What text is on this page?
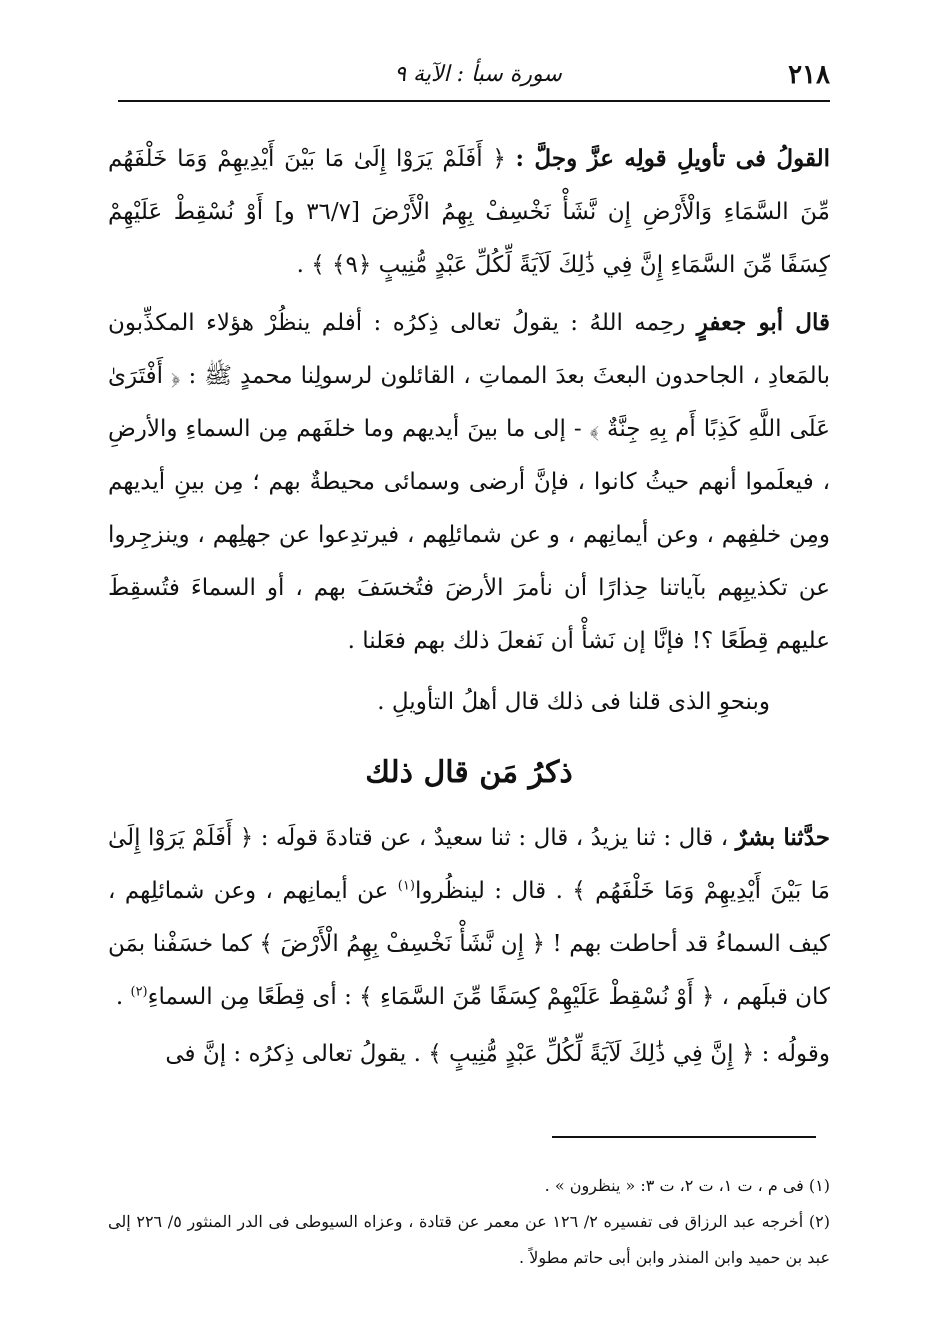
٢١٨
سورة سبأ : الآية ٩

القولُ فى تأويلِ قولِه عزَّ وجلَّ : ﴿ أَفَلَمْ يَرَوْا إِلَىٰ مَا بَيْنَ أَيْدِيهِمْ وَمَا خَلْفَهُم مِّنَ السَّمَاءِ وَالْأَرْضِ إِن نَّشَأْ نَخْسِفْ بِهِمُ الْأَرْضَ [٣٦/٧ و] أَوْ نُسْقِطْ عَلَيْهِمْ كِسَفًا مِّنَ السَّمَاءِ إِنَّ فِي ذَٰلِكَ لَآيَةً لِّكُلِّ عَبْدٍ مُّنِيبٍ ﴿٩﴾ ﴾ .

قال أبو جعفرٍ رحِمه اللهُ : يقولُ تعالى ذِكرُه : أفلم ينظُرْ هؤلاء المكذِّبون بالمَعادِ ، الجاحدون البعثَ بعدَ المماتِ ، القائلون لرسولِنا محمدٍ ﷺ : ﴿ أَفْتَرَىٰ عَلَى اللَّهِ كَذِبًا أَم بِهِ جِنَّةٌ ﴾ - إلى ما بينَ أيديهم وما خلفَهم مِن السماءِ والأرضِ ، فيعلَموا أنهم حيثُ كانوا ، فإنَّ أرضى وسمائى محيطةٌ بهم ؛ مِن بينِ أيديهم ومِن خلفِهم ، وعن أيمانِهم ، و عن شمائلِهم ، فيرتدِعوا عن جهلِهم ، وينزجِروا عن تكذيبِهم بآياتنا حِذارًا أن نأمرَ الأرضَ فتُخسَفَ بهم ، أو السماءَ فتُسقِطَ عليهم قِطَعًا ؟! فإنَّا إن نَشأْ أن نَفعلَ ذلك بهم فعَلنا .

وبنحوِ الذى قلنا فى ذلك قال أهلُ التأويلِ .

ذكرُ مَن قال ذلك

حدَّثنا بشرٌ ، قال : ثنا يزيدُ ، قال : ثنا سعيدٌ ، عن قتادةَ قولَه : ﴿ أَفَلَمْ يَرَوْا إِلَىٰ مَا بَيْنَ أَيْدِيهِمْ وَمَا خَلْفَهُم ﴾ . قال : لينظُروا$^{(١)}$ عن أيمانِهم ، وعن شمائلِهم ، كيف السماءُ قد أحاطت بهم ! ﴿ إِن نَّشَأْ نَخْسِفْ بِهِمُ الْأَرْضَ ﴾ كما خسَفْنا بمَن كان قبلَهم ، ﴿ أَوْ نُسْقِطْ عَلَيْهِمْ كِسَفًا مِّنَ السَّمَاءِ ﴾ : أى قِطَعًا مِن السماءِ$^{(٢)}$ .

وقولُه : ﴿ إِنَّ فِي ذَٰلِكَ لَآيَةً لِّكُلِّ عَبْدٍ مُّنِيبٍ ﴾ . يقولُ تعالى ذِكرُه : إنَّ فى

(١) فى م ، ت ١، ت ٢، ت ٣: « ينظرون » .

(٢) أخرجه عبد الرزاق فى تفسيره ٢/ ١٢٦ عن معمر عن قتادة ، وعزاه السيوطى فى الدر المنثور ٥/ ٢٢٦ إلى عبد بن حميد وابن المنذر وابن أبى حاتم مطولاً .
